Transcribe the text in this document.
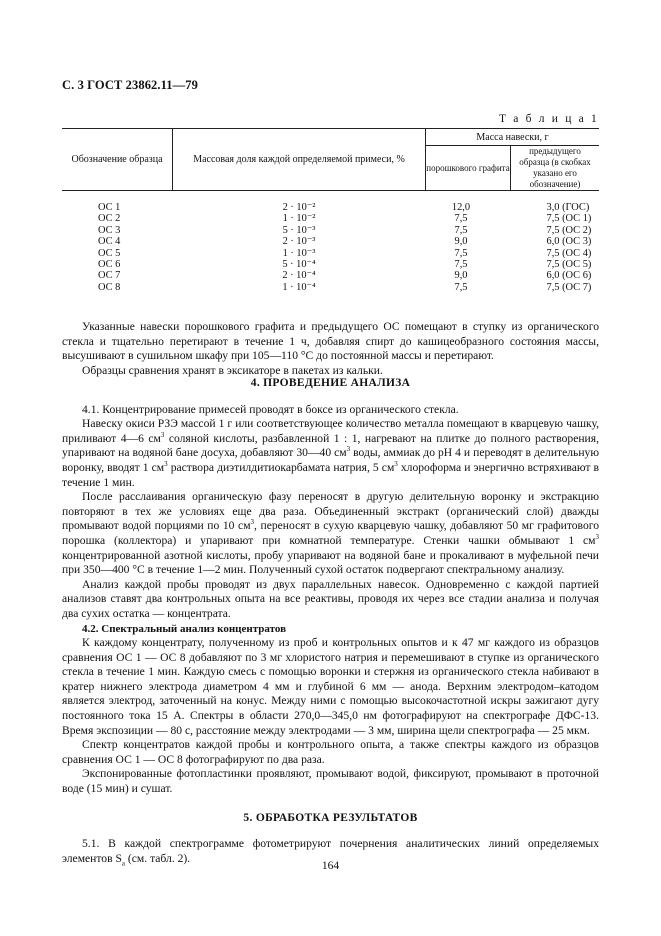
С. 3 ГОСТ 23862.11—79
Т а б л и ц а 1
Обозначение образца	Массовая доля каждой определяемой примеси, %	Масса навески, г	
		порошкового графита	предыдущего образца (в скобках указано его обозначение)
ОС 1	2 · 10⁻²	12,0	3,0 (ГОС)
ОС 2	1 · 10⁻²	7,5	7,5 (ОС 1)
ОС 3	5 · 10⁻³	7,5	7,5 (ОС 2)
ОС 4	2 · 10⁻³	9,0	6,0 (ОС 3)
ОС 5	1 · 10⁻³	7,5	7,5 (ОС 4)
ОС 6	5 · 10⁻⁴	7,5	7,5 (ОС 5)
ОС 7	2 · 10⁻⁴	9,0	6,0 (ОС 6)
ОС 8	1 · 10⁻⁴	7,5	7,5 (ОС 7)

Указанные навески порошкового графита и предыдущего ОС помещают в ступку из органического стекла и тщательно перетирают в течение 1 ч, добавляя спирт до кашицеобразного состояния массы, высушивают в сушильном шкафу при 105—110 °С до постоянной массы и перетирают.

Образцы сравнения хранят в эксикаторе в пакетах из кальки.

4. ПРОВЕДЕНИЕ АНАЛИЗА

4.1. Концентрирование примесей проводят в боксе из органического стекла.

Навеску окиси РЗЭ массой 1 г или соответствующее количество металла помещают в кварцевую чашку, приливают 4—6 $см^3$ соляной кислоты, разбавленной 1 : 1, нагревают на плитке до полного растворения, упаривают на водяной бане досуха, добавляют 30—40 $см^3$ воды, аммиак до pH 4 и переводят в делительную воронку, вводят 1 $см^3$ раствора диэтилдитиокарбамата натрия, 5 $см^3$ хлороформа и энергично встряхивают в течение 1 мин.

После расслаивания органическую фазу переносят в другую делительную воронку и экстракцию повторяют в тех же условиях еще два раза. Объединенный экстракт (органический слой) дважды промывают водой порциями по 10 $см^3$, переносят в сухую кварцевую чашку, добавляют 50 мг графитового порошка (коллектора) и упаривают при комнатной температуре. Стенки чашки обмывают 1 $см^3$ концентрированной азотной кислоты, пробу упаривают на водяной бане и прокаливают в муфельной печи при 350—400 °С в течение 1—2 мин. Полученный сухой остаток подвергают спектральному анализу.

Анализ каждой пробы проводят из двух параллельных навесок. Одновременно с каждой партией анализов ставят два контрольных опыта на все реактивы, проводя их через все стадии анализа и получая два сухих остатка — концентрата.

4.2. Спектральный анализ концентратов

К каждому концентрату, полученному из проб и контрольных опытов и к 47 мг каждого из образцов сравнения ОС 1 — ОС 8 добавляют по 3 мг хлористого натрия и перемешивают в ступке из органического стекла в течение 1 мин. Каждую смесь с помощью воронки и стержня из органического стекла набивают в кратер нижнего электрода диаметром 4 мм и глубиной 6 мм — анода. Верхним электродом–катодом является электрод, заточенный на конус. Между ними с помощью высокочастотной искры зажигают дугу постоянного тока 15 А. Спектры в области 270,0—345,0 нм фотографируют на спектрографе ДФС-13. Время экспозиции — 80 с, расстояние между электродами — 3 мм, ширина щели спектрографа — 25 мкм.

Спектр концентратов каждой пробы и контрольного опыта, а также спектры каждого из образцов сравнения ОС 1 — ОС 8 фотографируют по два раза.

Экспонированные фотопластинки проявляют, промывают водой, фиксируют, промывают в проточной воде (15 мин) и сушат.

5. ОБРАБОТКА РЕЗУЛЬТАТОВ

5.1. В каждой спектрограмме фотометрируют почернения аналитических линий определяемых элементов $S_a$ (см. табл. 2).

164
